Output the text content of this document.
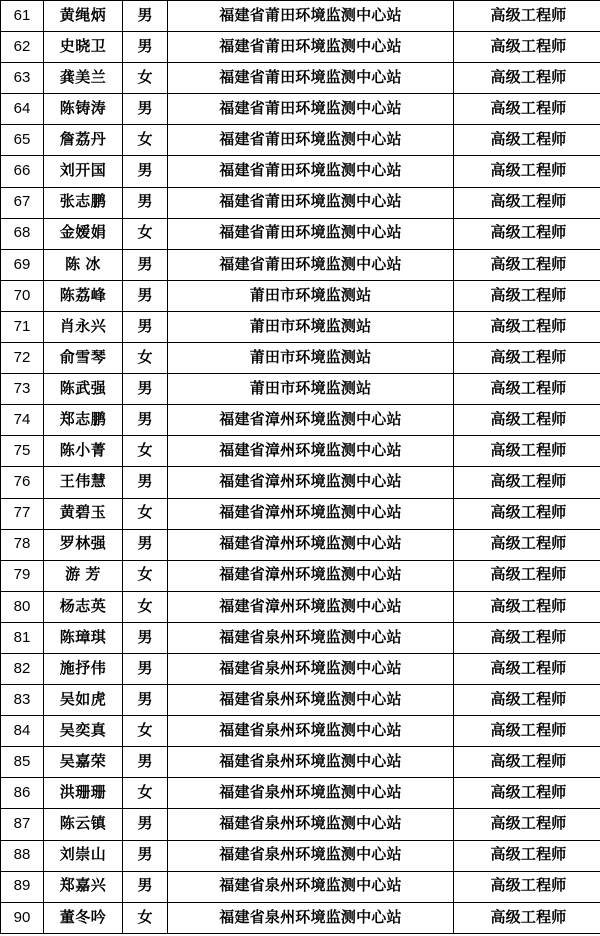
61	黄绳炳	男	福建省莆田环境监测中心站	高级工程师
62	史晓卫	男	福建省莆田环境监测中心站	高级工程师
63	龚美兰	女	福建省莆田环境监测中心站	高级工程师
64	陈铸涛	男	福建省莆田环境监测中心站	高级工程师
65	詹荔丹	女	福建省莆田环境监测中心站	高级工程师
66	刘开国	男	福建省莆田环境监测中心站	高级工程师
67	张志鹏	男	福建省莆田环境监测中心站	高级工程师
68	金嫒娟	女	福建省莆田环境监测中心站	高级工程师
69	陈 冰	男	福建省莆田环境监测中心站	高级工程师
70	陈荔峰	男	莆田市环境监测站	高级工程师
71	肖永兴	男	莆田市环境监测站	高级工程师
72	俞雪琴	女	莆田市环境监测站	高级工程师
73	陈武强	男	莆田市环境监测站	高级工程师
74	郑志鹏	男	福建省漳州环境监测中心站	高级工程师
75	陈小菁	女	福建省漳州环境监测中心站	高级工程师
76	王伟慧	男	福建省漳州环境监测中心站	高级工程师
77	黄碧玉	女	福建省漳州环境监测中心站	高级工程师
78	罗林强	男	福建省漳州环境监测中心站	高级工程师
79	游 芳	女	福建省漳州环境监测中心站	高级工程师
80	杨志英	女	福建省漳州环境监测中心站	高级工程师
81	陈璋琪	男	福建省泉州环境监测中心站	高级工程师
82	施抒伟	男	福建省泉州环境监测中心站	高级工程师
83	吴如虎	男	福建省泉州环境监测中心站	高级工程师
84	吴奕真	女	福建省泉州环境监测中心站	高级工程师
85	吴嘉荣	男	福建省泉州环境监测中心站	高级工程师
86	洪珊珊	女	福建省泉州环境监测中心站	高级工程师
87	陈云镇	男	福建省泉州环境监测中心站	高级工程师
88	刘崇山	男	福建省泉州环境监测中心站	高级工程师
89	郑嘉兴	男	福建省泉州环境监测中心站	高级工程师
90	董冬吟	女	福建省泉州环境监测中心站	高级工程师
